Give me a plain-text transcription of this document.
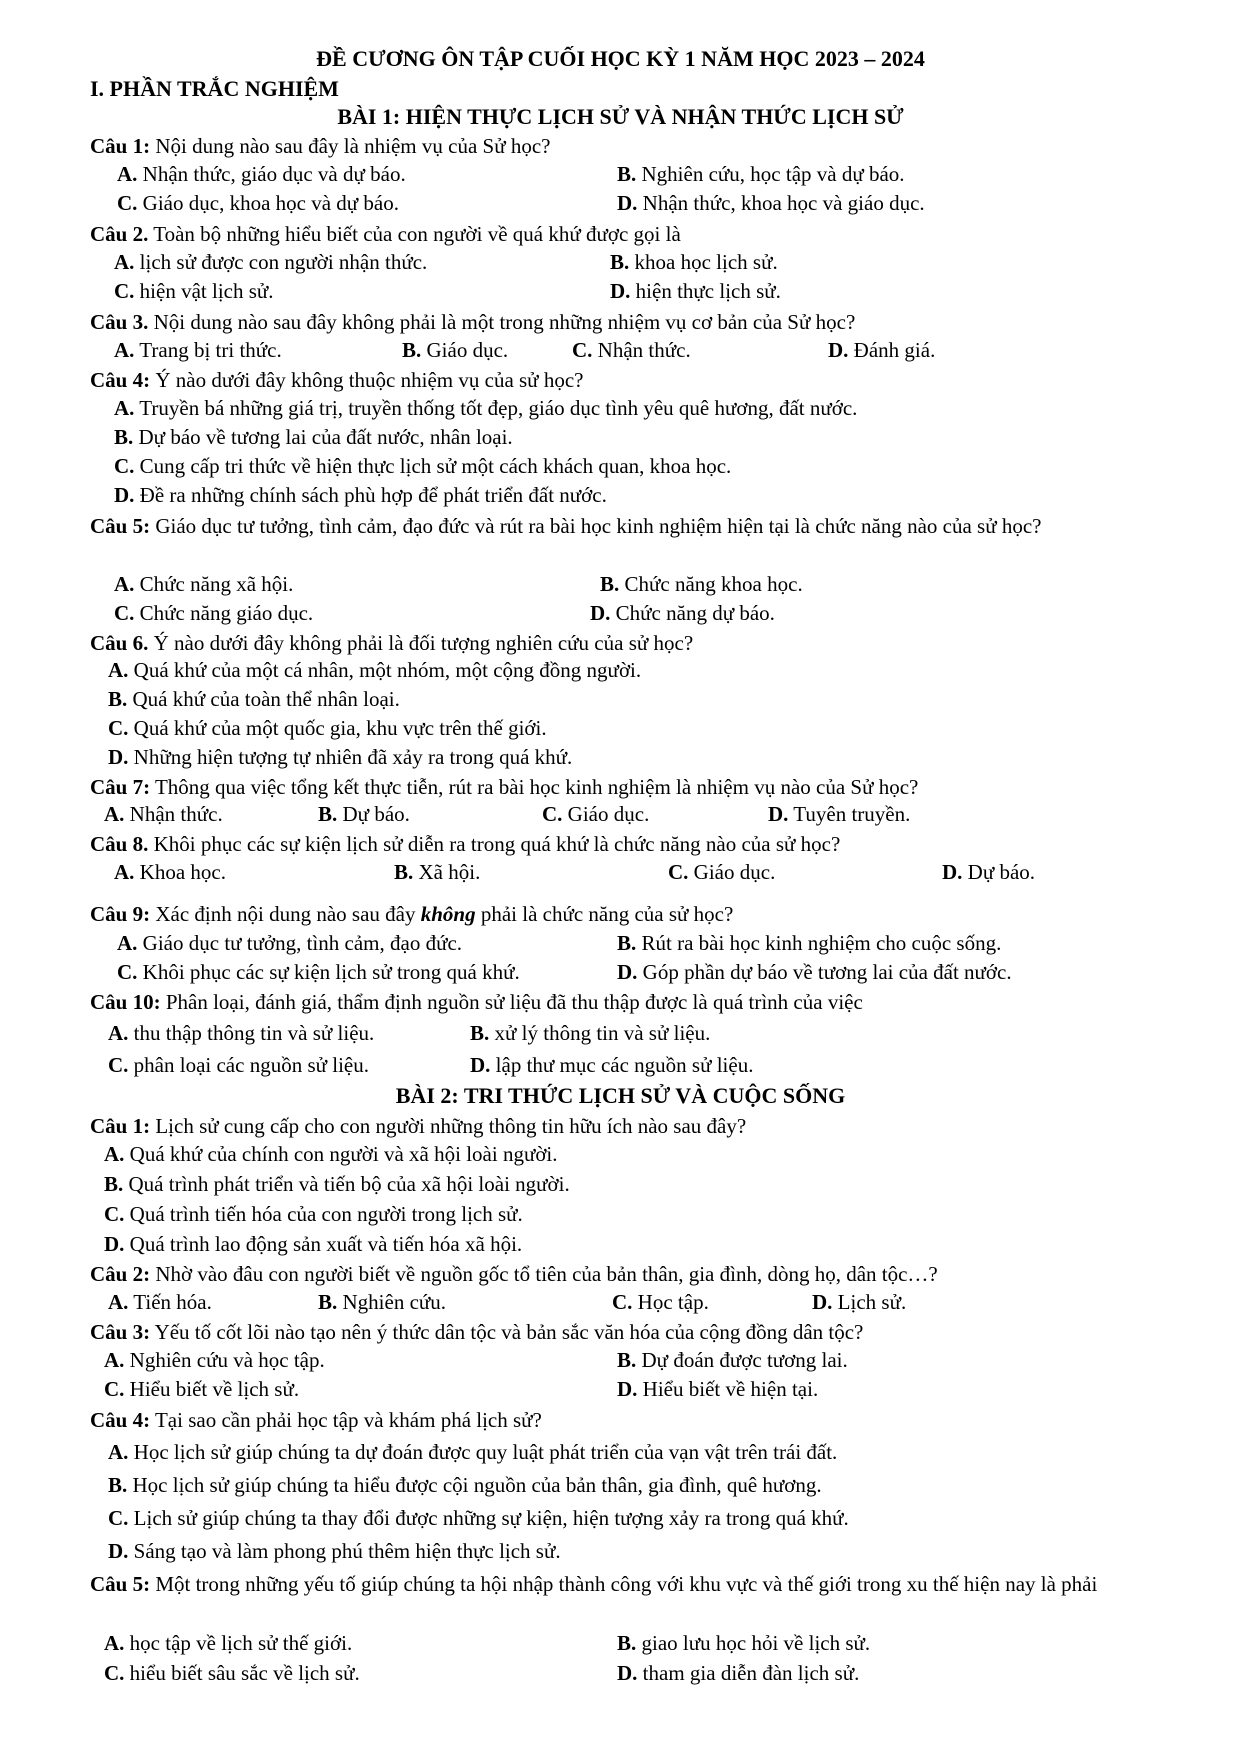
ĐỀ CƯƠNG ÔN TẬP CUỐI HỌC KỲ 1 NĂM HỌC 2023 – 2024
I. PHẦN TRẮC NGHIỆM
BÀI 1: HIỆN THỰC LỊCH SỬ VÀ NHẬN THỨC LỊCH SỬ
Câu 1: Nội dung nào sau đây là nhiệm vụ của Sử học?
A. Nhận thức, giáo dục và dự báo.	B. Nghiên cứu, học tập và dự báo.
C. Giáo dục, khoa học và dự báo.	D. Nhận thức, khoa học và giáo dục.
Câu 2. Toàn bộ những hiểu biết của con người về quá khứ được gọi là
A. lịch sử được con người nhận thức.	B. khoa học lịch sử.
C. hiện vật lịch sử.	D. hiện thực lịch sử.
Câu 3. Nội dung nào sau đây không phải là một trong những nhiệm vụ cơ bản của Sử học?
A. Trang bị tri thức.	B. Giáo dục.	C. Nhận thức.	D. Đánh giá.
Câu 4: Ý nào dưới đây không thuộc nhiệm vụ của sử học?
A. Truyền bá những giá trị, truyền thống tốt đẹp, giáo dục tình yêu quê hương, đất nước.
B. Dự báo về tương lai của đất nước, nhân loại.
C. Cung cấp tri thức về hiện thực lịch sử một cách khách quan, khoa học.
D. Đề ra những chính sách phù hợp để phát triển đất nước.
Câu 5: Giáo dục tư tưởng, tình cảm, đạo đức và rút ra bài học kinh nghiệm hiện tại là chức năng nào của sử học?
A. Chức năng xã hội.	B. Chức năng khoa học.
C. Chức năng giáo dục.	D. Chức năng dự báo.
Câu 6. Ý nào dưới đây không phải là đối tượng nghiên cứu của sử học?
A. Quá khứ của một cá nhân, một nhóm, một cộng đồng người.
B. Quá khứ của toàn thể nhân loại.
C. Quá khứ của một quốc gia, khu vực trên thế giới.
D. Những hiện tượng tự nhiên đã xảy ra trong quá khứ.
Câu 7: Thông qua việc tổng kết thực tiễn, rút ra bài học kinh nghiệm là nhiệm vụ nào của Sử học?
A. Nhận thức.	B. Dự báo.	C. Giáo dục.	D. Tuyên truyền.
Câu 8. Khôi phục các sự kiện lịch sử diễn ra trong quá khứ là chức năng nào của sử học?
A. Khoa học.	B. Xã hội.	C. Giáo dục.	D. Dự báo.
Câu 9: Xác định nội dung nào sau đây không phải là chức năng của sử học?
A. Giáo dục tư tưởng, tình cảm, đạo đức.	B. Rút ra bài học kinh nghiệm cho cuộc sống.
C. Khôi phục các sự kiện lịch sử trong quá khứ.	D. Góp phần dự báo về tương lai của đất nước.
Câu 10: Phân loại, đánh giá, thẩm định nguồn sử liệu đã thu thập được là quá trình của việc
A. thu thập thông tin và sử liệu.	B. xử lý thông tin và sử liệu.
C. phân loại các nguồn sử liệu.	D. lập thư mục các nguồn sử liệu.
BÀI 2: TRI THỨC LỊCH SỬ VÀ CUỘC SỐNG
Câu 1: Lịch sử cung cấp cho con người những thông tin hữu ích nào sau đây?
A. Quá khứ của chính con người và xã hội loài người.
B. Quá trình phát triển và tiến bộ của xã hội loài người.
C. Quá trình tiến hóa của con người trong lịch sử.
D. Quá trình lao động sản xuất và tiến hóa xã hội.
Câu 2: Nhờ vào đâu con người biết về nguồn gốc tổ tiên của bản thân, gia đình, dòng họ, dân tộc…?
A. Tiến hóa.	B. Nghiên cứu.	C. Học tập.	D. Lịch sử.
Câu 3: Yếu tố cốt lõi nào tạo nên ý thức dân tộc và bản sắc văn hóa của cộng đồng dân tộc?
A. Nghiên cứu và học tập.	B. Dự đoán được tương lai.
C. Hiểu biết về lịch sử.	D. Hiểu biết về hiện tại.
Câu 4: Tại sao cần phải học tập và khám phá lịch sử?
A. Học lịch sử giúp chúng ta dự đoán được quy luật phát triển của vạn vật trên trái đất.
B. Học lịch sử giúp chúng ta hiểu được cội nguồn của bản thân, gia đình, quê hương.
C. Lịch sử giúp chúng ta thay đổi được những sự kiện, hiện tượng xảy ra trong quá khứ.
D. Sáng tạo và làm phong phú thêm hiện thực lịch sử.
Câu 5: Một trong những yếu tố giúp chúng ta hội nhập thành công với khu vực và thế giới trong xu thế hiện nay là phải
A. học tập về lịch sử thế giới.	B. giao lưu học hỏi về lịch sử.
C. hiểu biết sâu sắc về lịch sử.	D. tham gia diễn đàn lịch sử.
